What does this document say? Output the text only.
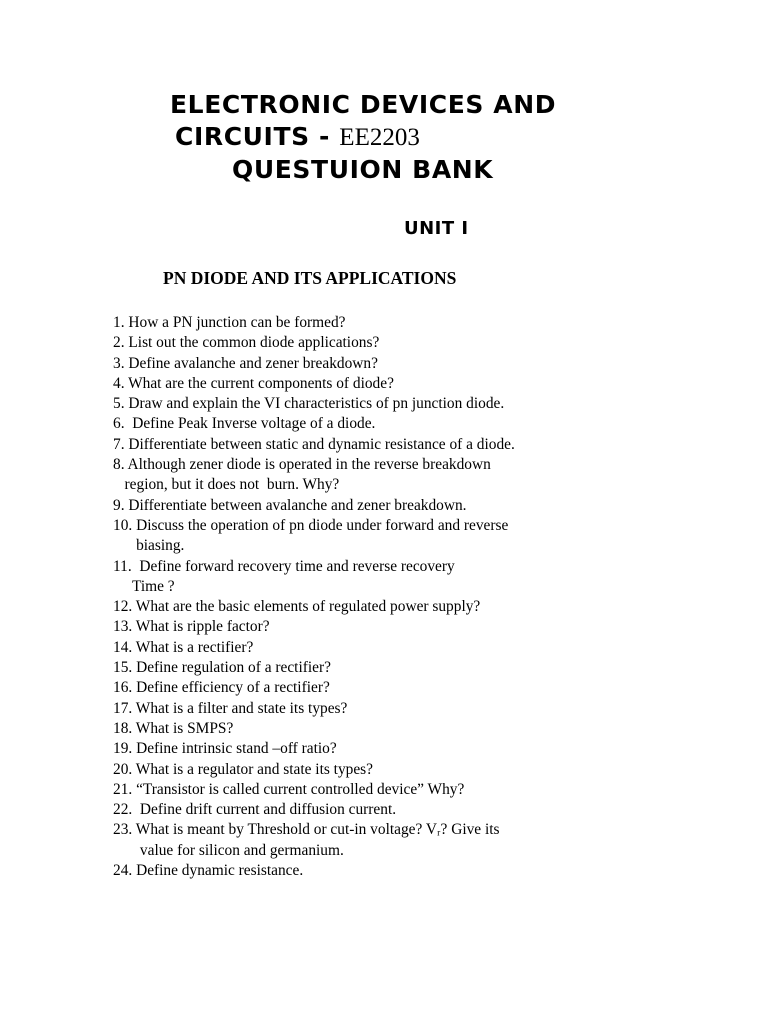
ELECTRONIC DEVICES AND
CIRCUITS - EE2203
QUESTUION BANK
UNIT I
PN DIODE AND ITS APPLICATIONS
1. How a PN junction can be formed?
2. List out the common diode applications?
3. Define avalanche and zener breakdown?
4. What are the current components of diode?
5. Draw and explain the VI characteristics of pn junction diode.
6.  Define Peak Inverse voltage of a diode.
7. Differentiate between static and dynamic resistance of a diode.
8. Although zener diode is operated in the reverse breakdown
region, but it does not  burn. Why?
9. Differentiate between avalanche and zener breakdown.
10. Discuss the operation of pn diode under forward and reverse
biasing.
11.  Define forward recovery time and reverse recovery
Time ?
12. What are the basic elements of regulated power supply?
13. What is ripple factor?
14. What is a rectifier?
15. Define regulation of a rectifier?
16. Define efficiency of a rectifier?
17. What is a filter and state its types?
18. What is SMPS?
19. Define intrinsic stand –off ratio?
20. What is a regulator and state its types?
21. “Transistor is called current controlled device” Why?
22.  Define drift current and diffusion current.
23. What is meant by Threshold or cut-in voltage? Vᵣ? Give its
value for silicon and germanium.
24. Define dynamic resistance.
